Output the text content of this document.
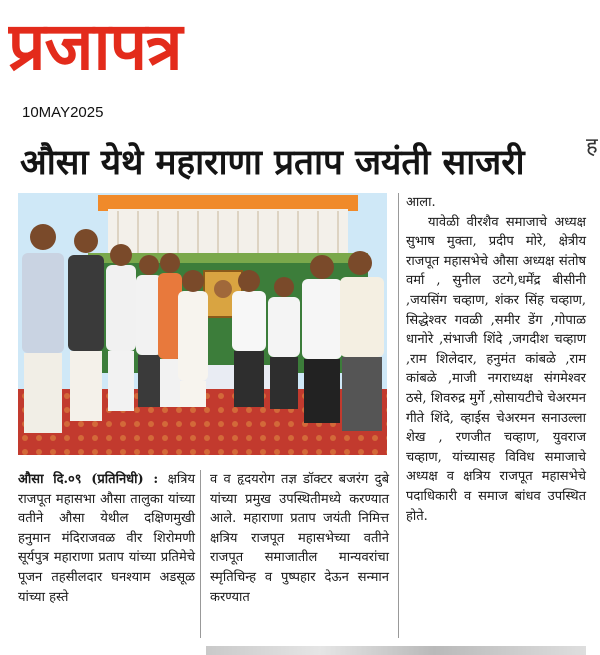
प्रजापत्र
10MAY2025
औसा येथे महाराणा प्रताप जयंती साजरी	ह

आला.

यावेळी वीरशैव समाजाचे अध्यक्ष सुभाष मुक्ता, प्रदीप मोरे, क्षेत्रीय राजपूत महासभेचे औसा अध्यक्ष संतोष वर्मा , सुनील उटगे,धर्मेंद्र बीसीनी ,जयसिंग चव्हाण, शंकर सिंह चव्हाण, सिद्धेश्वर गवळी ,समीर डेंग ,गोपाळ धानोरे ,संभाजी शिंदे ,जगदीश चव्हाण ,राम शिलेदार, हनुमंत कांबळे ,राम कांबळे ,माजी नगराध्यक्ष संगमेश्वर ठसे, शिवरुद्र मुर्गे ,सोसायटीचे चेअरमन गीते शिंदे, व्हाईस चेअरमन सनाउल्ला शेख , रणजीत चव्हाण, युवराज चव्हाण, यांच्यासह विविध समाजाचे अध्यक्ष व क्षत्रिय राजपूत महासभेचे पदाधिकारी व समाज बांधव उपस्थित होते.

औसा दि.०९ (प्रतिनिधी) : क्षत्रिय राजपूत महासभा औसा तालुका यांच्या वतीने औसा येथील दक्षिणमुखी हनुमान मंदिराजवळ वीर शिरोमणी सूर्यपुत्र महाराणा प्रताप यांच्या प्रतिमेचे पूजन तहसीलदार घनश्याम अडसूळ यांच्या हस्ते

व व हृदयरोग तज्ञ डॉक्टर बजरंग दुबे यांच्या प्रमुख उपस्थितीमध्ये करण्यात आले. महाराणा प्रताप जयंती निमित्त क्षत्रिय राजपूत महासभेच्या वतीने राजपूत समाजातील मान्यवरांचा स्मृतिचिन्ह व पुष्पहार देऊन सन्मान करण्यात
